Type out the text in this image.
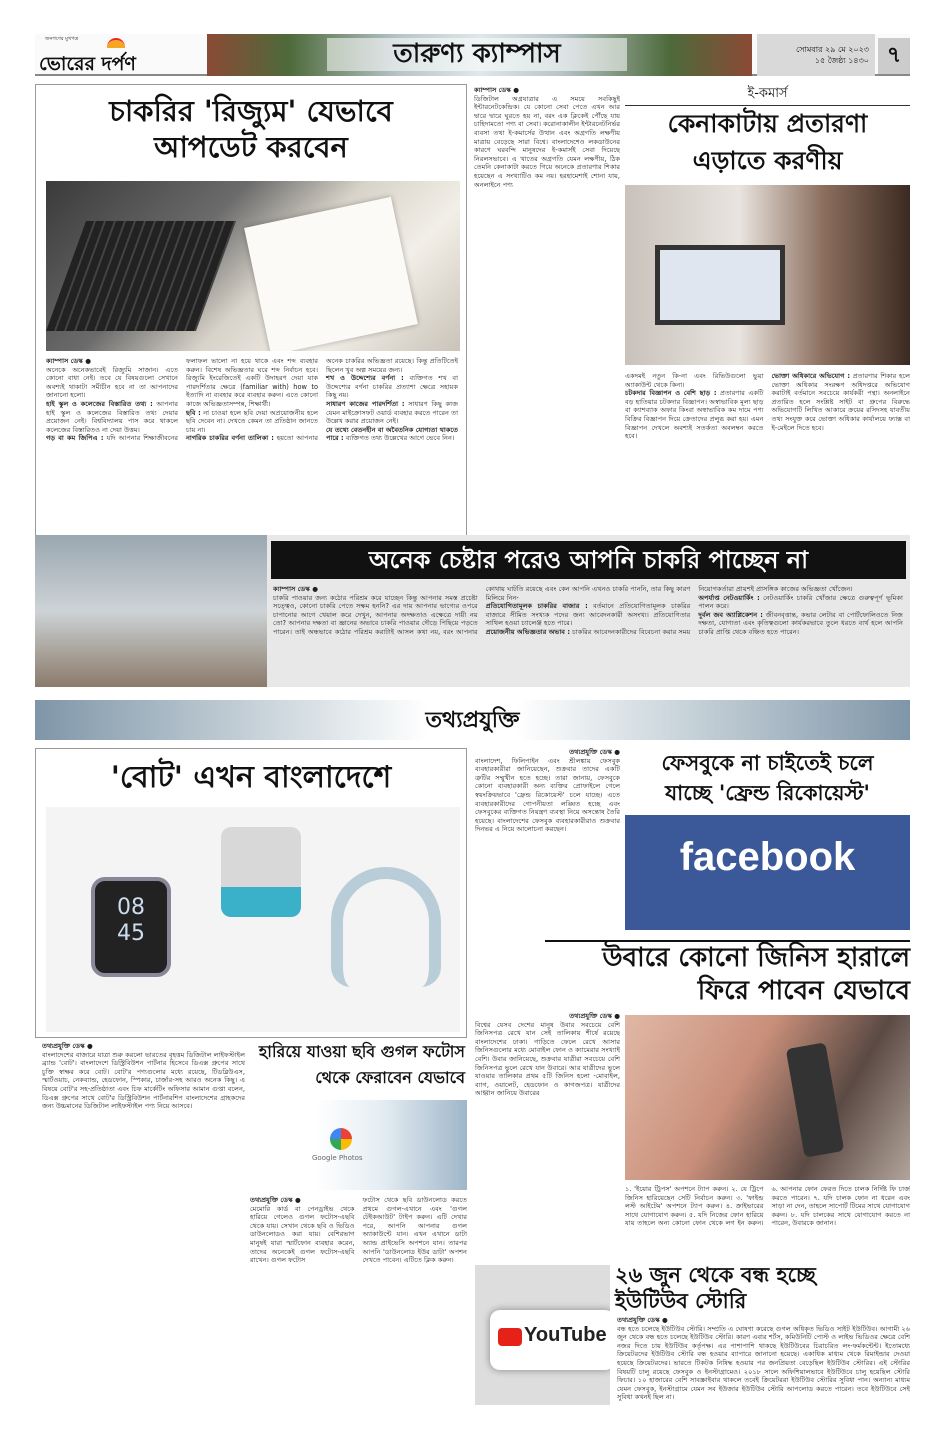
জনগণের মুখপত্র
ভোরের দর্পণ	তারুণ্য ক্যাম্পাস	সোমবার ২৯ মে ২০২৩
১৫ জৈষ্ঠ্য ১৪৩০ ৭
চাকরির 'রিজ্যুম' যেভাবে
আপডেট করবেন
ক্যাম্পাস ডেস্ক ●
অনেকে অনেকভাবেই রিজ্যুমি সাজান। এতে কোনো বাধা নেই। তবে যে বিষয়গুলো সেখানে অবশ্যই থাকাটা সমীচীন হবে না তা আপনাদের জানানো হলো।
হাই স্কুল ও কলেজের বিস্তারিত তথ্য : আপনার হাই স্কুল ও কলেজের বিস্তারিত তথ্য দেয়ার প্রয়োজন নেই। বিশ্ববিদ্যালয় পাস করে থাকলে কলেজের বিস্তারিতও না দেয়া উত্তম।
গড় বা কম জিপিএ : যদি আপনার শিক্ষাজীবনের ফলাফল ভালো না হয়ে থাকে এবং শব্দ ব্যবহার করুন। বিশেষ অভিজ্ঞতার ঘরে শব্দ নির্বাচন হবে। রিজ্যুমি ইংরেজিতেই একটি উদাহরণ দেয়া যাক পারদর্শিতার ক্ষেত্রে (familiar with) how to ইত্যাদি না ব্যবহার করে ব্যবহার করুন। এতে কোনো কাজে অভিজ্ঞতাসম্পন্ন, শিক্ষার্থী।
ছবি : না চাওয়া হলে ছবি দেয়া অপ্রয়োজনীয় হলে ছবি দেবেন না। দেখতে কেমন তা প্রতিষ্ঠান জানতে চায় না।
নাগরিক চাকরির বর্ণনা তালিকা : হয়তো আপনার অনেক চাকরির অভিজ্ঞতা রয়েছে। কিন্তু প্রতিটিতেই ছিলেন খুব অল্প সময়ের জন্য।
শখ ও উদ্দেশ্যের বর্ণনা : ব্যক্তিগত শখ বা উদ্দেশ্যের বর্ণনা চাকরির প্রত্যাশা ক্ষেত্রে সহায়ক কিছু নয়।
সাধারণ কাজের পারদর্শিতা : সাধারণ কিছু কাজ যেমন মাইক্রোসফট ওয়ার্ড ব্যবহার করতে পারেন তা উল্লেখ করার প্রয়োজন নেই।
যে তথ্যে বেতনহীন বা অবৈতনিক যোগ্যতা থাকতে পারে : ব্যক্তিগত তথ্য উল্লেখের আগে ভেবে নিন।
ক্যাম্পাস ডেস্ক ●
ডিজিটাল অগ্রযাত্রার এ সময়ে সবকিছুই ইন্টারনেটকেন্দ্রিক। যে কোনো সেবা পেতে এখন আর দ্বারে দ্বারে ঘুরতে হয় না, বরং এক ক্লিকেই পৌঁছে যায় চাহিদামতো পণ্য বা সেবা। করোনাকালীন ইন্টারনেটনির্ভর ব্যবসা তথা ই-কমার্সের উত্থান এবং অগ্রগতি লক্ষণীয় মাত্রায় বেড়েছে সারা বিশ্বে। বাংলাদেশেও লকডাউনের কারণে ঘরবন্দি মানুষদের ই-কমার্সই সেবা দিয়েছে নিরলসভাবে। এ খাতের অগ্রগতি যেমন লক্ষণীয়, ঠিক তেমনি কেনাকাটা করতে গিয়ে অনেকে প্রতারণার শিকার হয়েছেন এ সংখ্যাটিও কম নয়। হরহামেশাই শোনা যায়, অনলাইনে পণ্য
ই-কমার্স
কেনাকাটায় প্রতারণা
এড়াতে করণীয়
একদমই নতুন কি-না এবং রিভিউগুলো ভুয়া অ্যাকাউন্ট থেকে কিনা।
চটকদার বিজ্ঞাপন ও বেশি ছাড় : প্রতারণার একটি বড় হাতিয়ার চটকদার বিজ্ঞাপন। অস্বাভাবিক মূল্য ছাড় বা ক্যাশব্যাক অফার কিংবা অস্বাভাবিক কম দামে পণ্য বিক্রির বিজ্ঞাপন দিয়ে ক্রেতাদের প্রলুব্ধ করা হয়। এমন বিজ্ঞাপন দেখলে অবশ্যই সতর্কতা অবলম্বন করতে হবে।
ভোক্তা অধিকারে অভিযোগ : প্রতারণার শিকার হলে ভোক্তা অধিকার সংরক্ষণ অধিদপ্তরে অভিযোগ করাটাই বর্তমানে সবচেয়ে কার্যকরী পন্থা। অনলাইনে প্রতারিত হলে সংশ্লিষ্ট সাইট বা গ্রুপের বিরুদ্ধে অভিযোগটি লিখিত আকারে ক্রয়ের রসিদসহ যাবতীয় তথ্য সংযুক্ত করে ভোক্তা অধিকার কার্যালয়ে ফ্যাক্স বা ই-মেইলে দিতে হবে।
অনেক চেষ্টার পরেও আপনি চাকরি পাচ্ছেন না
ক্যাম্পাস ডেস্ক ●
চাকরি পাওয়ার জন্য কঠোর পরিশ্রম করে যাচ্ছেন কিন্তু আপনার সমস্ত প্রচেষ্টা সত্ত্বেও, কোনো চাকরি পেতে সক্ষম হননি? এর দায় আপনার ভাগ্যের ওপরে চাপানোর আগে খেয়াল করে দেখুন, আপনার অদক্ষতাও এক্ষেত্রে দায়ী নয় তো? আপনার দক্ষতা বা জ্ঞানের অভাবে চাকরি পাওয়ার দৌড়ে পিছিয়ে পড়তে পারেন। তাই অন্ধভাবে কঠোর পরিশ্রম করাটাই আসল কথা নয়, বরং আপনার কোথায় ঘাটতি রয়েছে এবং কেন আপনি এখনও চাকরি পাননি, তার কিছু কারণ মিলিয়ে নিন-
প্রতিযোগিতামূলক চাকরির বাজার : বর্তমানে প্রতিযোগিতামূলক চাকরির বাজারে সীমিত সংখ্যক পদের জন্য আবেদনকারী অসংখ্য। প্রতিযোগিতার সাথিল হওয়া চ্যালেঞ্জ হতে পারে।
প্রয়োজনীয় অভিজ্ঞতার অভাব : চাকরির আবেদনকারীদের বিবেচনা করার সময় নিয়োগকর্তারা প্রায়শই প্রাসঙ্গিক কাজের অভিজ্ঞতা খোঁজেন।
অপর্যাপ্ত নেটওয়ার্কিং : নেটওয়ার্কিং চাকরি খোঁজার ক্ষেত্রে গুরুত্বপূর্ণ ভূমিকা পালন করে।
দুর্বল জব অ্যাপ্লিকেশন : জীবনবৃত্তান্ত, কভার লেটার বা পোর্টফোলিওতে নিজ দক্ষতা, যোগ্যতা এবং কৃতিত্বগুলো কার্যকরভাবে তুলে ধরতে ব্যর্থ হলে আপনি চাকরি প্রাপ্তি থেকে বঞ্চিত হতে পারেন।
তথ্যপ্রযুক্তি
'বোট' এখন বাংলাদেশে
08
45
তথ্যপ্রযুক্তি ডেস্ক ●
বাংলাদেশের বাজারে যাত্রা শুরু করলো ভারতের বৃহত্তম ডিজিটাল লাইফস্টাইল ব্র্যান্ড 'বোট'। বাংলাদেশে ডিস্ট্রিবিউশন পার্টনার হিসেবে ডিএক্স গ্রুপের সাথে চুক্তি স্বাক্ষর করে বোট। বোট'র পণ্যগুলোর মধ্যে রয়েছে, টিডব্লিউএস, স্মার্টওয়াচ, নেকব্যান্ড, হেডফোন, স্পিকার, চার্জার-সহ আরও অনেক কিছু। এ বিষয়ে বোট'র সহ-প্রতিষ্ঠাতা এবং চিফ মার্কেটিং অফিসার আমান গুপ্তা বলেন, ডিএক্স গ্রুপের সাথে বোট'র ডিস্ট্রিবিউশন পার্টনারশিপ বাংলাদেশের গ্রাহকদের জন্য উচ্চমানের ডিজিটাল লাইফস্টাইল পণ্য নিয়ে আসবে।
হারিয়ে যাওয়া ছবি গুগল ফটোস
থেকে ফেরাবেন যেভাবে
Google Photos
তথ্যপ্রযুক্তি ডেস্ক ●
মেমোরি কার্ড বা পেনড্রাইভ থেকে হারিয়ে গেলেও গুগল ফটোস-এছবি থেকে যায়। সেখান থেকে ছবি ও ভিডিও ডাউনলোডও করা যায়। বেশিরভাগ মানুষই যারা স্মার্টফোন ব্যবহার করেন, তাদের অনেকেই গুগল ফটোস-এছবি রাখেন। গুগল ফটোস
ফটোস থেকে ছবি ডাউনলোড করতে প্রথমে গুগল-এখানে এবং 'গুগল টেইকআউট' টাইপ করুন। এটি দেখার পরে, আপনি আপনার গুগল অ্যাকাউন্টে যান। এখন এখানে ডাটা অ্যান্ড প্রাইভেসি অপশনে যান। তারপর আপনি 'ডাউনলোড ইউর ডাটা' অপশন দেখতে পাবেন। এটিতে ক্লিক করুন।
তথ্যপ্রযুক্তি ডেস্ক ●
বাংলাদেশ, ফিলিপাইন এবং শ্রীলঙ্কায় ফেসবুক ব্যবহারকারীরা জানিয়েছেন, শুক্রবার তাদের একটি ত্রুটির সম্মুখীন হতে হচ্ছে। তারা জানায়, ফেসবুকে কোনো ব্যবহারকারী অন্য ব্যক্তির প্রোফাইলে গেলে স্বয়ংক্রিয়ভাবে 'ফ্রেন্ড রিকোয়েস্ট' চলে যাচ্ছে। এতে ব্যবহারকারীদের গোপনীয়তা লঙ্ঘিত হচ্ছে এবং ফেসবুকের ব্যক্তিগত নিয়ন্ত্রণ ব্যবস্থা নিয়ে অসন্তোষ তৈরি হয়েছে। বাংলাদেশের ফেসবুক ব্যবহারকারীরাও শুক্রবার দিনভর এ নিয়ে আলোচনা করছেন।
ফেসবুকে না চাইতেই চলে
যাচ্ছে 'ফ্রেন্ড রিকোয়েস্ট'
facebook
উবারে কোনো জিনিস হারালে
ফিরে পাবেন যেভাবে
তথ্যপ্রযুক্তি ডেস্ক ●
বিশ্বের যেসব দেশের মানুষ উবার সবচেয়ে বেশি জিনিসপত্র রেখে যান সেই তালিকায় শীর্ষে রয়েছে বাংলাদেশের ঢাকা। গাড়িতে ফেলে রেখে আসার জিনিসগুলোর মধ্যে মোবাইল ফোন ও ক্যামেরার সংখ্যাই বেশি। উবার জানিয়েছে, শুক্রবার যাত্রীরা সবচেয়ে বেশি জিনিসপত্র ভুলে রেখে যান উবারে। আর যাত্রীদের ভুলে যাওয়ার তালিকার প্রথম ৫টি জিনিস হলো -মোবাইল, ব্যাগ, ওয়ালেট, হেডফোন ও কাগজপত্র। যাত্রীদের আহ্বান জানিয়ে উবারের
১. 'ইয়োর ট্রিপস' অপশনে ট্যাপ করুন। ২. যে ট্রিপে জিনিস হারিয়েছেন সেটি নির্বাচন করুন। ৩. 'ফাইন্ড লস্ট আইটেম' অপশনে ট্যাপ করুন। ৪. ক্রাইভারের সাথে যোগাযোগ করুন। ৫. যদি নিজের ফোন হারিয়ে যায় তাহলে অন্য কোনো ফোন থেকে লগ ইন করুন। ৬. আপনার ফোন ফেরত দিতে চালক নির্দিষ্ট ফি চার্জ করতে পারেন। ৭. যদি চালক ফোন না ধরেন এবং সাড়া না দেন, তাহলে সাপোর্ট টিমের সাথে যোগাযোগ করুন। ৮. যদি চালকের সাথে যোগাযোগ করতে না পারেন, উবারকে জানান।
YouTube
২৬ জুন থেকে বন্ধ হচ্ছে
ইউটিউব স্টোরি
তথ্যপ্রযুক্তি ডেস্ক ●
বন্ধ হতে চলেছে ইউটিউব স্টোরি। সম্প্রতি এ ঘোষণা করেছে গুগল অধিকৃত ভিডিও সাইট ইউটিউব। আগামী ২৬ জুন থেকে বন্ধ হতে চলেছে ইউটিউব স্টোরি। কারণ এবার শর্টস, কমিউনিটি পোস্ট ও লাইভ ভিডিওর ক্ষেত্রে বেশি নজর দিতে চায় ইউটিউব কর্তৃপক্ষ। এর পাশাপাশি থাকছে ইউটিউবের চিরাচরিত লং-ফর্মকন্টেন্ট। ইতোমধ্যে ক্রিয়েটরদের ইউটিউব স্টোরি বন্ধ হওয়ার ব্যাপারে জানানো হয়েছে। একাধিক মাধ্যম থেকে রিমাইন্ডার দেওয়া হয়েছে ক্রিয়েটরদের। ভারতে টিকটক নিষিদ্ধ হওয়ার পর জনপ্রিয়তা বেড়েছিল ইউটিউব স্টোরির। এই স্টোরির বিষয়টি চালু রয়েছে ফেসবুক ও ইনস্টাগ্রামেও। ২০১৮ সালে অফিশিয়ালভাবে ইউটিউবে চালু হয়েছিল স্টোরি ফিচার। ১০ হাজারের বেশি সাবস্ক্রাইবার থাকলে তবেই ক্রিয়েটররা ইউটিউব স্টোরির সুবিধা পান। অন্যান্য মাধ্যম যেমন ফেসবুক, ইনস্টাগ্রামে যেমন সব ইউজার ইউটিউব স্টোরি আপলোড করতে পারেন। তবে ইউটিউবে সেই সুবিধা কখনই ছিল না।
